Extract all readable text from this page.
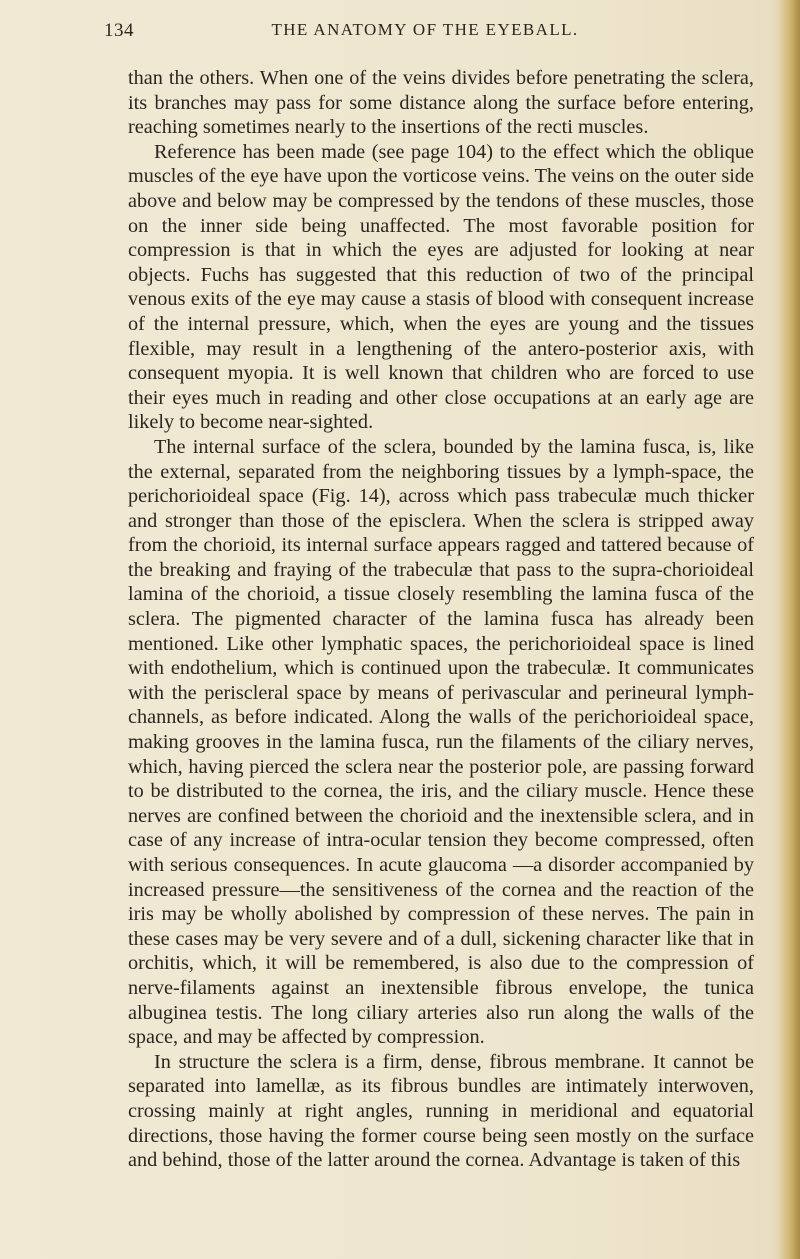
134	THE ANATOMY OF THE EYEBALL.

than the others. When one of the veins divides before penetrating the sclera, its branches may pass for some distance along the surface before entering, reaching sometimes nearly to the insertions of the recti muscles.

Reference has been made (see page 104) to the effect which the oblique muscles of the eye have upon the vorticose veins. The veins on the outer side above and below may be compressed by the tendons of these muscles, those on the inner side being unaffected. The most favorable position for compression is that in which the eyes are adjusted for looking at near objects. Fuchs has suggested that this reduction of two of the principal venous exits of the eye may cause a stasis of blood with consequent increase of the internal pressure, which, when the eyes are young and the tissues flexible, may result in a lengthening of the antero-posterior axis, with consequent myopia. It is well known that children who are forced to use their eyes much in reading and other close occupations at an early age are likely to become near-sighted.

The internal surface of the sclera, bounded by the lamina fusca, is, like the external, separated from the neighboring tissues by a lymph-space, the perichorioideal space (Fig. 14), across which pass trabeculæ much thicker and stronger than those of the episclera. When the sclera is stripped away from the chorioid, its internal surface appears ragged and tattered because of the breaking and fraying of the trabeculæ that pass to the supra-chorioideal lamina of the chorioid, a tissue closely resembling the lamina fusca of the sclera. The pigmented character of the lamina fusca has already been mentioned. Like other lymphatic spaces, the perichorioideal space is lined with endothelium, which is continued upon the trabeculæ. It communicates with the periscleral space by means of perivascular and perineural lymph-channels, as before indicated. Along the walls of the perichorioideal space, making grooves in the lamina fusca, run the filaments of the ciliary nerves, which, having pierced the sclera near the posterior pole, are passing forward to be distributed to the cornea, the iris, and the ciliary muscle. Hence these nerves are confined between the chorioid and the inextensible sclera, and in case of any increase of intra-ocular tension they become compressed, often with serious consequences. In acute glaucoma —a disorder accompanied by increased pressure—the sensitiveness of the cornea and the reaction of the iris may be wholly abolished by compression of these nerves. The pain in these cases may be very severe and of a dull, sickening character like that in orchitis, which, it will be remembered, is also due to the compression of nerve-filaments against an inextensible fibrous envelope, the tunica albuginea testis. The long ciliary arteries also run along the walls of the space, and may be affected by compression.

In structure the sclera is a firm, dense, fibrous membrane. It cannot be separated into lamellæ, as its fibrous bundles are intimately interwoven, crossing mainly at right angles, running in meridional and equatorial directions, those having the former course being seen mostly on the surface and behind, those of the latter around the cornea. Advantage is taken of this
